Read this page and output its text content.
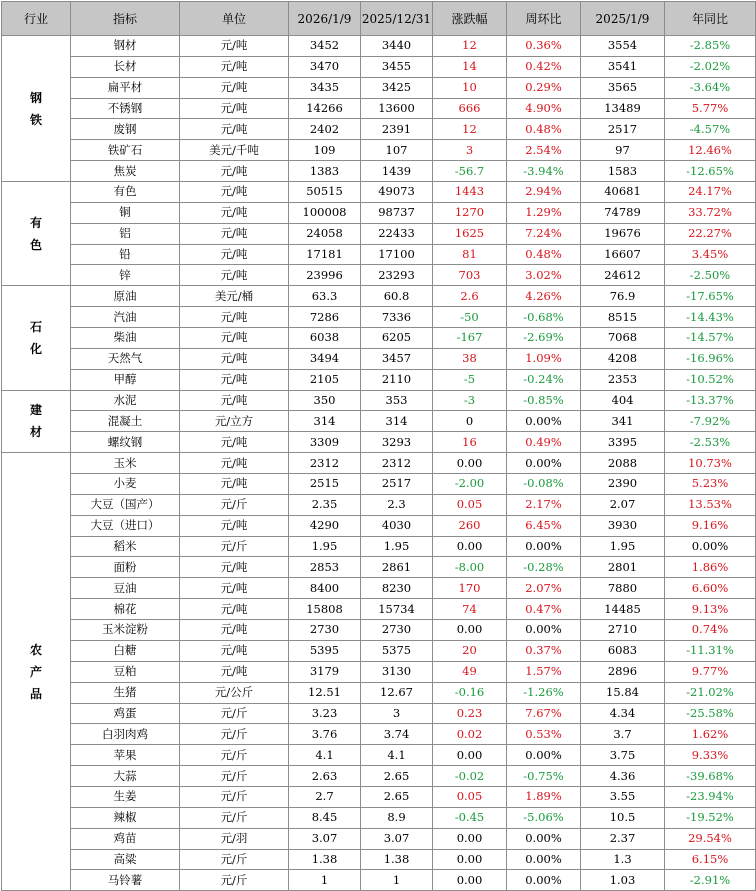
行业	指标	单位	2026/1/9	2025/12/31	涨跌幅	周环比	2025/1/9	年同比
钢铁	钢材	元/吨	3452	3440	12	0.36%	3554	-2.85%
	长材	元/吨	3470	3455	14	0.42%	3541	-2.02%
	扁平材	元/吨	3435	3425	10	0.29%	3565	-3.64%
	不锈钢	元/吨	14266	13600	666	4.90%	13489	5.77%
	废钢	元/吨	2402	2391	12	0.48%	2517	-4.57%
	铁矿石	美元/千吨	109	107	3	2.54%	97	12.46%
	焦炭	元/吨	1383	1439	-56.7	-3.94%	1583	-12.65%
有色	有色	元/吨	50515	49073	1443	2.94%	40681	24.17%
	铜	元/吨	100008	98737	1270	1.29%	74789	33.72%
	铝	元/吨	24058	22433	1625	7.24%	19676	22.27%
	铅	元/吨	17181	17100	81	0.48%	16607	3.45%
	锌	元/吨	23996	23293	703	3.02%	24612	-2.50%
石化	原油	美元/桶	63.3	60.8	2.6	4.26%	76.9	-17.65%
	汽油	元/吨	7286	7336	-50	-0.68%	8515	-14.43%
	柴油	元/吨	6038	6205	-167	-2.69%	7068	-14.57%
	天然气	元/吨	3494	3457	38	1.09%	4208	-16.96%
	甲醇	元/吨	2105	2110	-5	-0.24%	2353	-10.52%
建材	水泥	元/吨	350	353	-3	-0.85%	404	-13.37%
	混凝土	元/立方	314	314	0	0.00%	341	-7.92%
	螺纹钢	元/吨	3309	3293	16	0.49%	3395	-2.53%
农产品	玉米	元/吨	2312	2312	0.00	0.00%	2088	10.73%
	小麦	元/吨	2515	2517	-2.00	-0.08%	2390	5.23%
	大豆（国产）	元/斤	2.35	2.3	0.05	2.17%	2.07	13.53%
	大豆（进口）	元/吨	4290	4030	260	6.45%	3930	9.16%
	稻米	元/斤	1.95	1.95	0.00	0.00%	1.95	0.00%
	面粉	元/吨	2853	2861	-8.00	-0.28%	2801	1.86%
	豆油	元/吨	8400	8230	170	2.07%	7880	6.60%
	棉花	元/吨	15808	15734	74	0.47%	14485	9.13%
	玉米淀粉	元/吨	2730	2730	0.00	0.00%	2710	0.74%
	白糖	元/吨	5395	5375	20	0.37%	6083	-11.31%
	豆粕	元/吨	3179	3130	49	1.57%	2896	9.77%
	生猪	元/公斤	12.51	12.67	-0.16	-1.26%	15.84	-21.02%
	鸡蛋	元/斤	3.23	3	0.23	7.67%	4.34	-25.58%
	白羽肉鸡	元/斤	3.76	3.74	0.02	0.53%	3.7	1.62%
	苹果	元/斤	4.1	4.1	0.00	0.00%	3.75	9.33%
	大蒜	元/斤	2.63	2.65	-0.02	-0.75%	4.36	-39.68%
	生姜	元/斤	2.7	2.65	0.05	1.89%	3.55	-23.94%
	辣椒	元/斤	8.45	8.9	-0.45	-5.06%	10.5	-19.52%
	鸡苗	元/羽	3.07	3.07	0.00	0.00%	2.37	29.54%
	高粱	元/斤	1.38	1.38	0.00	0.00%	1.3	6.15%
	马铃薯	元/斤	1	1	0.00	0.00%	1.03	-2.91%
